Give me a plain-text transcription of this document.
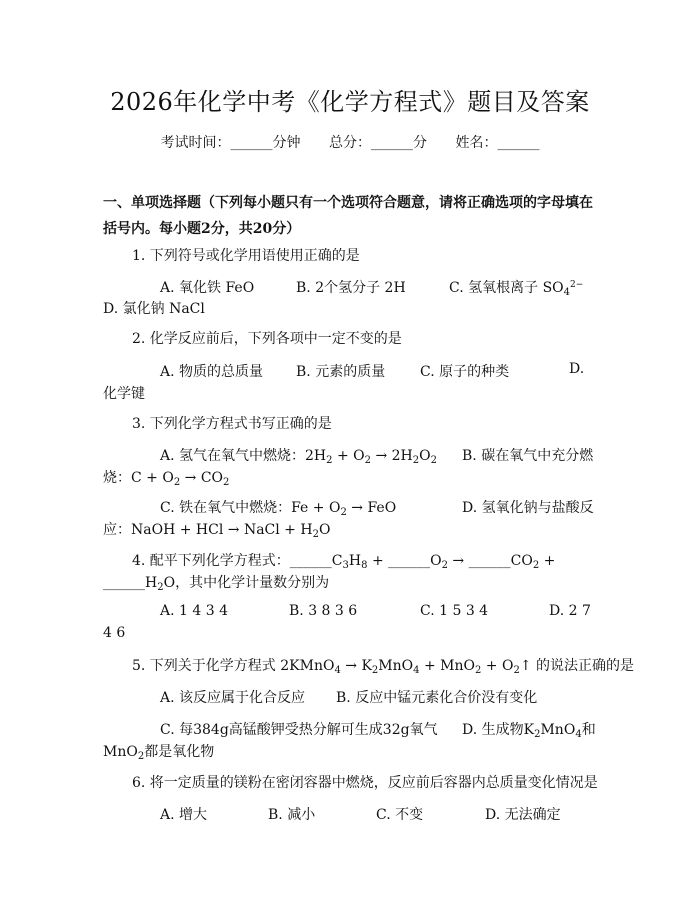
2026年化学中考《化学方程式》题目及答案
考试时间：______分钟 总分：______分 姓名：______
一、单项选择题（下列每小题只有一个选项符合题意，请将正确选项的字母填在括号内。每小题2分，共20分）
1. 下列符号或化学用语使用正确的是
A. 氧化铁 FeO	B. 2个氢分子 2H	C. 氢氧根离子 $SO_4^{2-}$
D. 氯化钠 NaCl
2. 化学反应前后，下列各项中一定不变的是
A. 物质的总质量 B. 元素的质量 C. 原子的种类	D.
化学键
3. 下列化学方程式书写正确的是
A. 氢气在氧气中燃烧：$2H_2 + O_2 \to 2H_2O_2$ B. 碳在氧气中充分燃
烧：$C + O_2 \to CO_2$
C. 铁在氧气中燃烧：$Fe + O_2$ → FeO	D. 氢氧化钠与盐酸反
应：NaOH + HCl → NaCl + $H_2O$
4. 配平下列化学方程式：$\_\_\_\_\_\_C_3H_8$ + $\_\_\_\_\_\_O_2$ → $\_\_\_\_\_\_CO_2$ +
$\_\_\_\_\_\_H_2O$，其中化学计量数分别为
A. 1 4 3 4	B. 3 8 3 6	C. 1 5 3 4	D. 2 7
4 6
5. 下列关于化学方程式 2KMnO$_4$ → $K_2MnO_4 + MnO_2$ + $O_2↑$ 的说法正确的是
A. 该反应属于化合反应 B. 反应中锰元素化合价没有变化
C. 每384g高锰酸钾受热分解可生成32g氧气 D. 生成物$K_2MnO_4$和
MnO$_2$都是氧化物
6. 将一定质量的镁粉在密闭容器中燃烧，反应前后容器内总质量变化情况是
A. 增大	B. 减小	C. 不变	D. 无法确定
